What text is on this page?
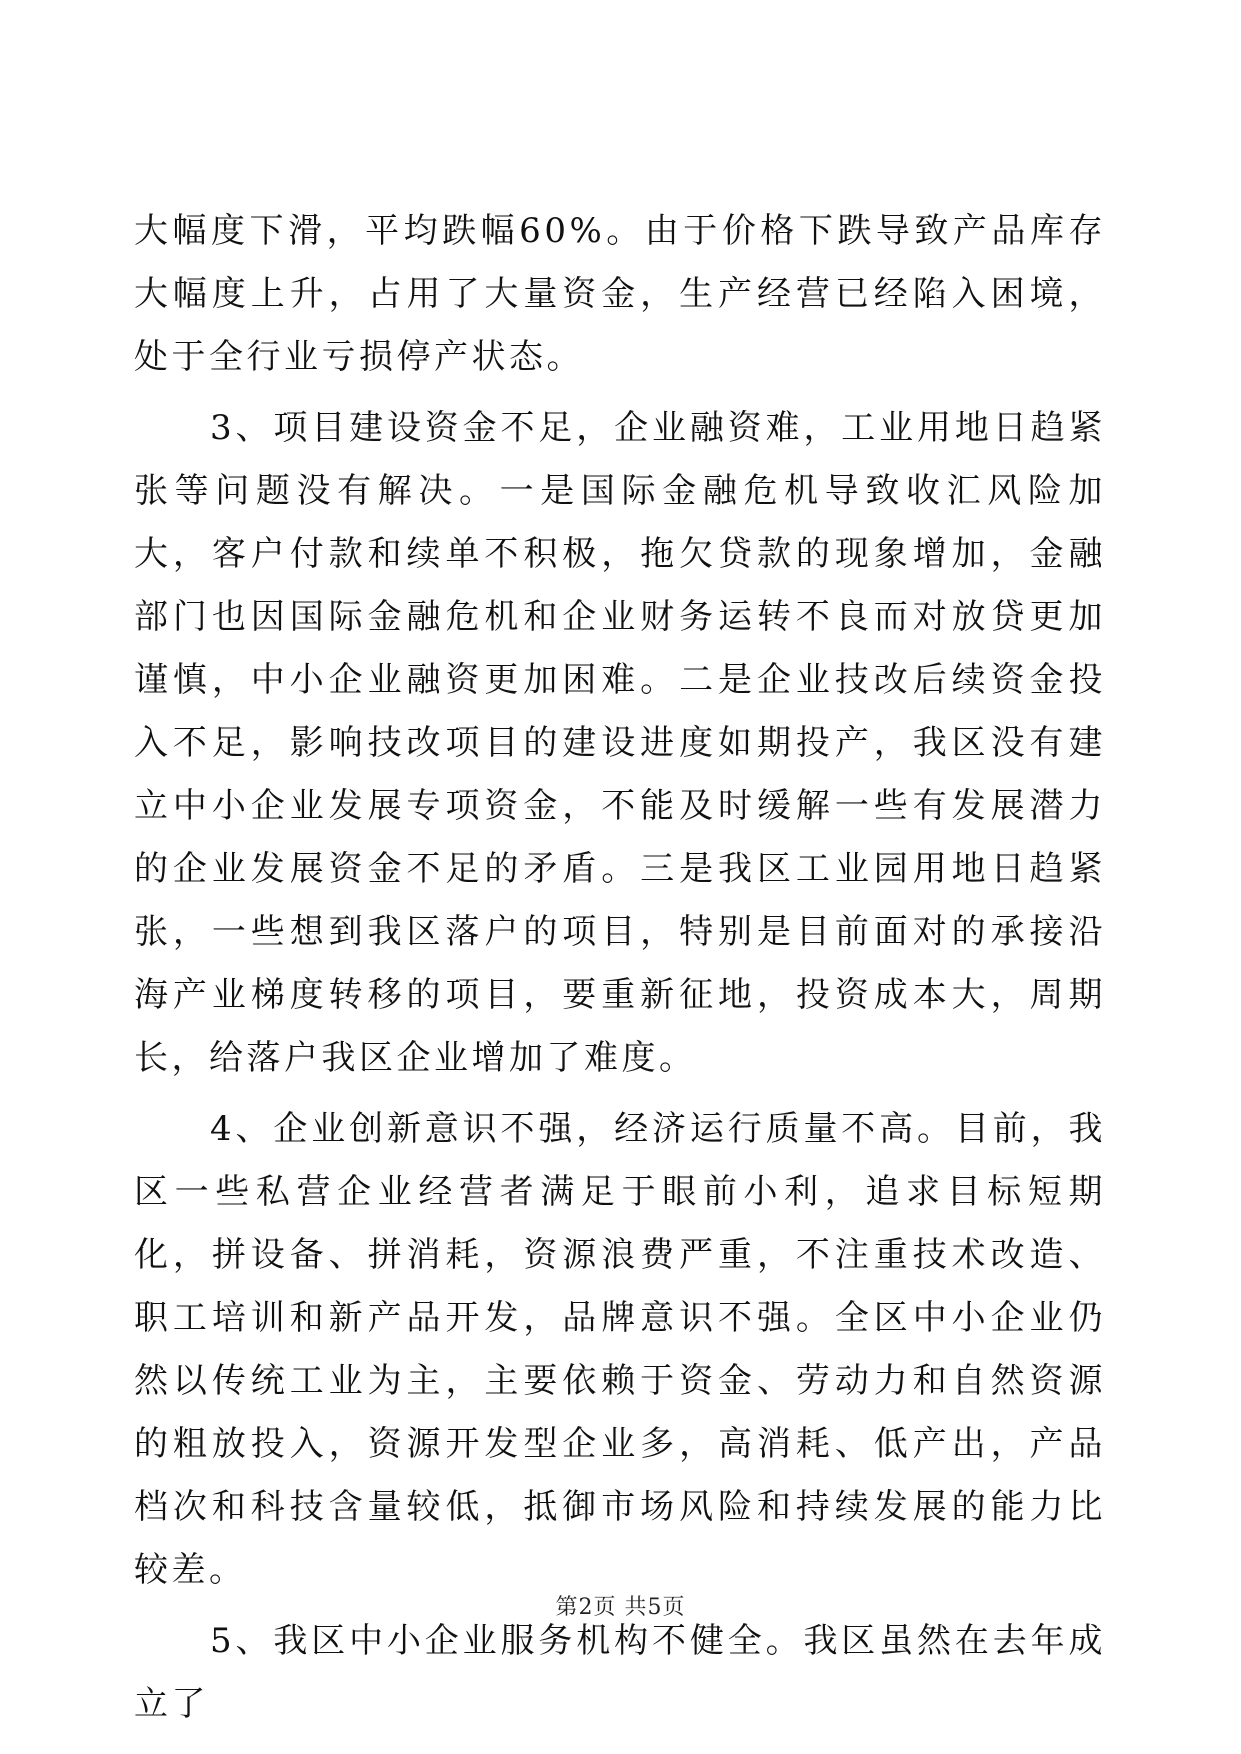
大幅度下滑，平均跌幅60%。由于价格下跌导致产品库存大幅度上升，占用了大量资金，生产经营已经陷入困境，处于全行业亏损停产状态。

3、项目建设资金不足，企业融资难，工业用地日趋紧张等问题没有解决。一是国际金融危机导致收汇风险加大，客户付款和续单不积极，拖欠贷款的现象增加，金融部门也因国际金融危机和企业财务运转不良而对放贷更加谨慎，中小企业融资更加困难。二是企业技改后续资金投入不足，影响技改项目的建设进度如期投产，我区没有建立中小企业发展专项资金，不能及时缓解一些有发展潜力的企业发展资金不足的矛盾。三是我区工业园用地日趋紧张，一些想到我区落户的项目，特别是目前面对的承接沿海产业梯度转移的项目，要重新征地，投资成本大，周期长，给落户我区企业增加了难度。

4、企业创新意识不强，经济运行质量不高。目前，我区一些私营企业经营者满足于眼前小利，追求目标短期化，拼设备、拼消耗，资源浪费严重，不注重技术改造、职工培训和新产品开发，品牌意识不强。全区中小企业仍然以传统工业为主，主要依赖于资金、劳动力和自然资源的粗放投入，资源开发型企业多，高消耗、低产出，产品档次和科技含量较低，抵御市场风险和持续发展的能力比较差。

5、我区中小企业服务机构不健全。我区虽然在去年成立了

第2页 共5页
